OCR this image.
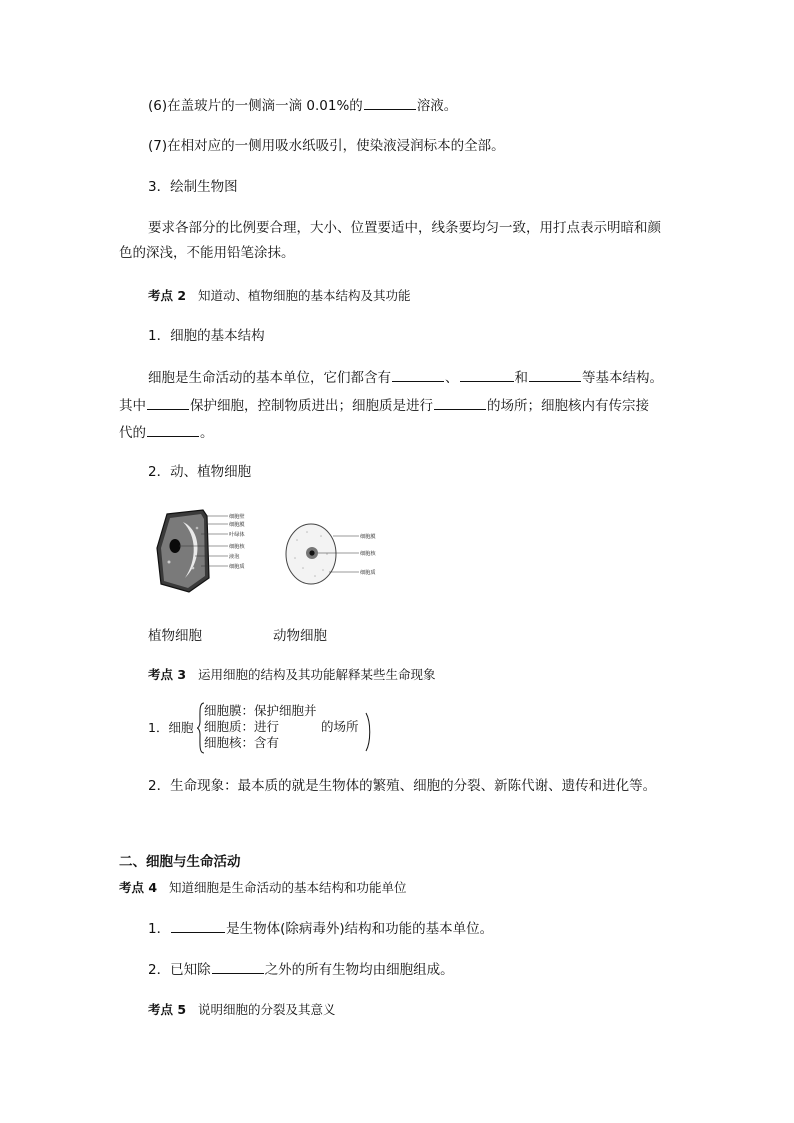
(6)在盖玻片的一侧滴一滴 0.01%的	溶液。
(7)在相对应的一侧用吸水纸吸引，使染液浸润标本的全部。
3．绘制生物图
要求各部分的比例要合理，大小、位置要适中，线条要均匀一致，用打点表示明暗和颜
色的深浅，不能用铅笔涂抹。
考点 2 知道动、植物细胞的基本结构及其功能
1．细胞的基本结构
细胞是生命活动的基本单位，它们都含有	、	和	等基本结构。
其中	保护细胞，控制物质进出；细胞质是进行	的场所；细胞核内有传宗接
代的	。
2．动、植物细胞
细胞壁
细胞膜
叶绿体
细胞核
液泡
细胞质
细胞膜
细胞核
细胞质
植物细胞	动物细胞
考点 3 运用细胞的结构及其功能解释某些生命现象
1．细胞
细胞膜：保护细胞并
细胞质：进行	的场所
细胞核：含有
2．生命现象：最本质的就是生物体的繁殖、细胞的分裂、新陈代谢、遗传和进化等。
二、细胞与生命活动
考点 4 知道细胞是生命活动的基本结构和功能单位
1．	是生物体(除病毒外)结构和功能的基本单位。
2．已知除	之外的所有生物均由细胞组成。
考点 5 说明细胞的分裂及其意义
